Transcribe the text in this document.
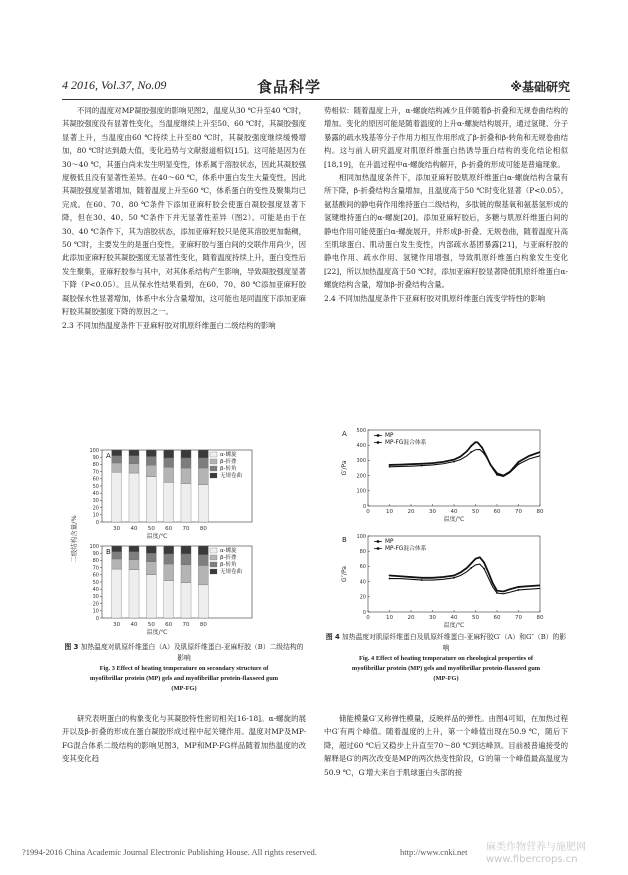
4 2016, Vol.37, No.09	食品科学	※基础研究

不同的温度对MP凝胶强度的影响见图2，温度从30 ℃升至40 ℃时，其凝胶强度没有显著性变化，当温度继续上升至50、60 ℃时，其凝胶强度显著上升，当温度由60 ℃持续上升至80 ℃时，其凝胶强度继续缓慢增加，80 ℃时达到最大值，变化趋势与文献报道相似[15]。这可能是因为在30～40 ℃，其蛋白尚未发生明显变性，体系属于溶胶状态，因此其凝胶强度极低且没有显著性差异。在40～60 ℃，体系中蛋白发生大量变性，因此其凝胶强度显著增加，随着温度上升至60 ℃，体系蛋白的变性及聚集均已完成。在60、70、80 ℃条件下添加亚麻籽胶会使蛋白凝胶强度显著下降，但在30、40、50 ℃条件下并无显著性差异（图2）。可能是由于在30、40 ℃条件下，其为溶胶状态，添加亚麻籽胶只是使其溶胶更加黏稠，50 ℃时，主要发生的是蛋白变性，亚麻籽胶与蛋白间的交联作用尚少，因此添加亚麻籽胶其凝胶强度无显著性变化，随着温度持续上升，蛋白变性后发生聚集，亚麻籽胶参与其中，对其体系结构产生影响，导致凝胶强度显著下降（P<0.05）。且从保水性结果看到，在60、70、80 ℃添加亚麻籽胶凝胶保水性显著增加，体系中水分含量增加，这可能也是同温度下添加亚麻籽胶其凝胶强度下降的原因之一。

2.3 不同加热温度条件下亚麻籽胶对肌原纤维蛋白二级结构的影响

势相似：随着温度上升，α-螺旋结构减少且伴随着β-折叠和无规卷曲结构的增加。变化的原因可能是随着温度的上升α-螺旋结构展开，通过氢键、分子暴露的疏水残基等分子作用力相互作用形成了β-折叠和β-转角和无规卷曲结构。这与前人研究温度对肌原纤维蛋白热诱导蛋白结构的变化结论相似[18,19]，在升温过程中α-螺旋结构解开，β-折叠的形成可能是普遍现象。

相同加热温度条件下，添加亚麻籽胶肌原纤维蛋白α-螺旋结构含量有所下降，β-折叠结构含量增加，且温度高于50 ℃时变化显著（P<0.05）。氨基酸间的静电荷作用维持蛋白二级结构，多肽链的羰基氧和氨基氢形成的氢键维持蛋白的α-螺旋[20]。添加亚麻籽胶后，多糖与肌原纤维蛋白间的静电作用可能使蛋白α-螺旋展开，并形成β-折叠、无规卷曲，随着温度升高至肌球蛋白、肌动蛋白发生变性，内部疏水基团暴露[21]，与亚麻籽胶的静电作用、疏水作用、氢键作用增强，导致肌原纤维蛋白构象发生变化[22]，所以加热温度高于50 ℃时，添加亚麻籽胶显著降低肌原纤维蛋白α-螺旋结构含量，增加β-折叠结构含量。

2.4 不同加热温度条件下亚麻籽胶对肌原纤维蛋白流变学特性的影响

A
0
10
20
30
40
50
60
70
80
90
100
30 40 50 60 70 80
温度/℃
α-螺旋
β-折叠
β-转角
无规卷曲
B
0
10
20
30
40
50
60
70
80
90
100
30 40 50 60 70 80
温度/℃
α-螺旋
β-折叠
β-转角
无规卷曲
二级结构含量/%
图 3 加热温度对肌原纤维蛋白（A）及肌原纤维蛋白-亚麻籽胶（B）二级结构的影响
Fig. 3 Effect of heating temperature on secondary structure of
myofibrillar protein (MP) gels and myofibrillar protein-flaxseed gum
(MP-FG)
A
G′/Pa
0
100
200
300
400
500
0	10	20	30	40	50	60	70	80
温度/℃
MP
MP-FG混合体系
B
G″/Pa
0
20
40
60
80
100
0	10	20	30	40	50	60	70	80
温度/℃
MP
MP-FG混合体系
图 4 加热温度对肌原纤维蛋白及肌原纤维蛋白-亚麻籽胶G′（A）和G″（B）的影响
Fig. 4 Effect of heating temperature on rheological properties of
myofibrillar protein (MP) gels and myofibrillar protein-flaxseed gum
(MP-FG)

研究表明蛋白的构象变化与其凝胶特性密切相关[16-18]。α-螺旋的展开以及β-折叠的形成在蛋白凝胶形成过程中起关键作用。温度对MP及MP-FG混合体系二级结构的影响见图3，MP和MP-FG样品随着加热温度的改变其变化趋

储能模量G′又称弹性模量，反映样品的弹性。由图4可知，在加热过程中G′有两个峰值。随着温度的上升，第一个峰值出现在50.9 ℃，随后下降，超过60 ℃后又稳步上升直至70～80 ℃到达峰顶。目前被普遍接受的解释是G′的两次改变是MP的两次热变性阶段，G′的第一个峰值最高温度为50.9 ℃，G′增大来自于肌球蛋白头部的接

?1994-2016 China Academic Journal Electronic Publishing House. All rights reserved.	http://www.cnki.net 麻类作物营养与施肥网
www.fibercrops.cn
